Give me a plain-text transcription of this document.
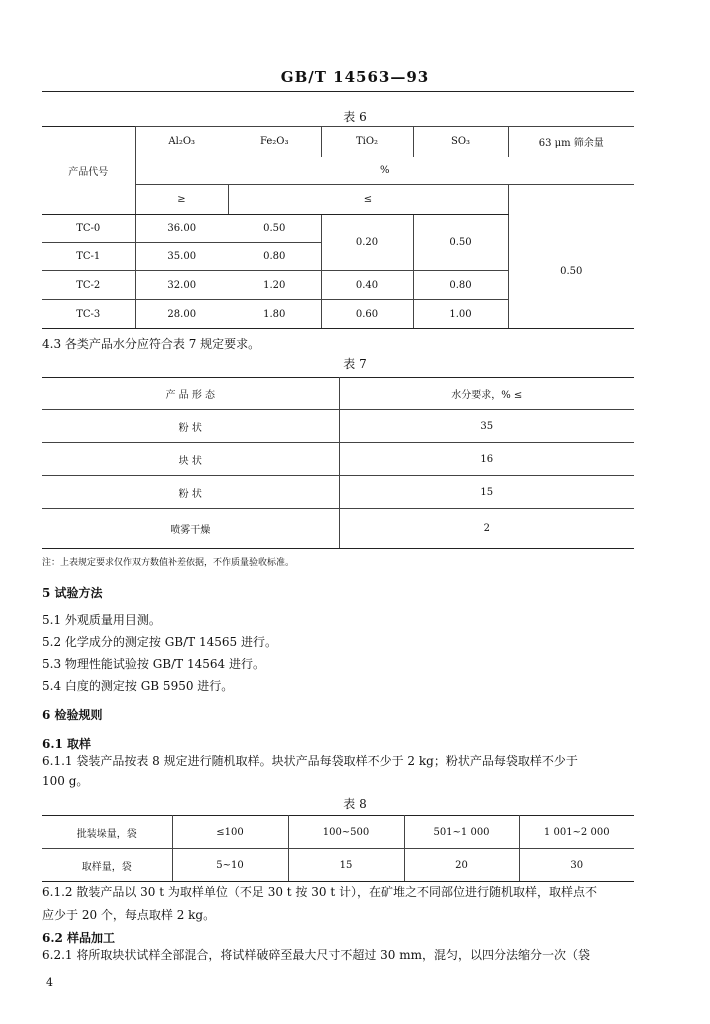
GB/T 14563—93
表 6
产品代号	Al₂O₃	Fe₂O₃	TiO₂	SO₃	63 μm 筛余量
	%				
	≥	≤			
TC-0	36.00	0.50	0.20	0.50	0.50
TC-1	35.00	0.80			
TC-2	32.00	1.20	0.40	0.80	
TC-3	28.00	1.80	0.60	1.00	
4.3 各类产品水分应符合表 7 规定要求。
表 7
产 品 形 态	水分要求，% ≤
粉 状	35
块 状	16
粉 状	15
喷雾干燥	2
注：上表规定要求仅作双方数值补差依据，不作质量验收标准。
5 试验方法
5.1 外观质量用目测。
5.2 化学成分的测定按 GB/T 14565 进行。
5.3 物理性能试验按 GB/T 14564 进行。
5.4 白度的测定按 GB 5950 进行。
6 检验规则
6.1 取样
6.1.1 袋装产品按表 8 规定进行随机取样。块状产品每袋取样不少于 2 kg；粉状产品每袋取样不少于
100 g。
表 8
批装垛量，袋	≤100	100~500	501~1 000	1 001~2 000
取样量，袋	5~10	15	20	30
6.1.2 散装产品以 30 t 为取样单位（不足 30 t 按 30 t 计），在矿堆之不同部位进行随机取样，取样点不
应少于 20 个，每点取样 2 kg。
6.2 样品加工
6.2.1 将所取块状试样全部混合，将试样破碎至最大尺寸不超过 30 mm，混匀，以四分法缩分一次（袋
4
